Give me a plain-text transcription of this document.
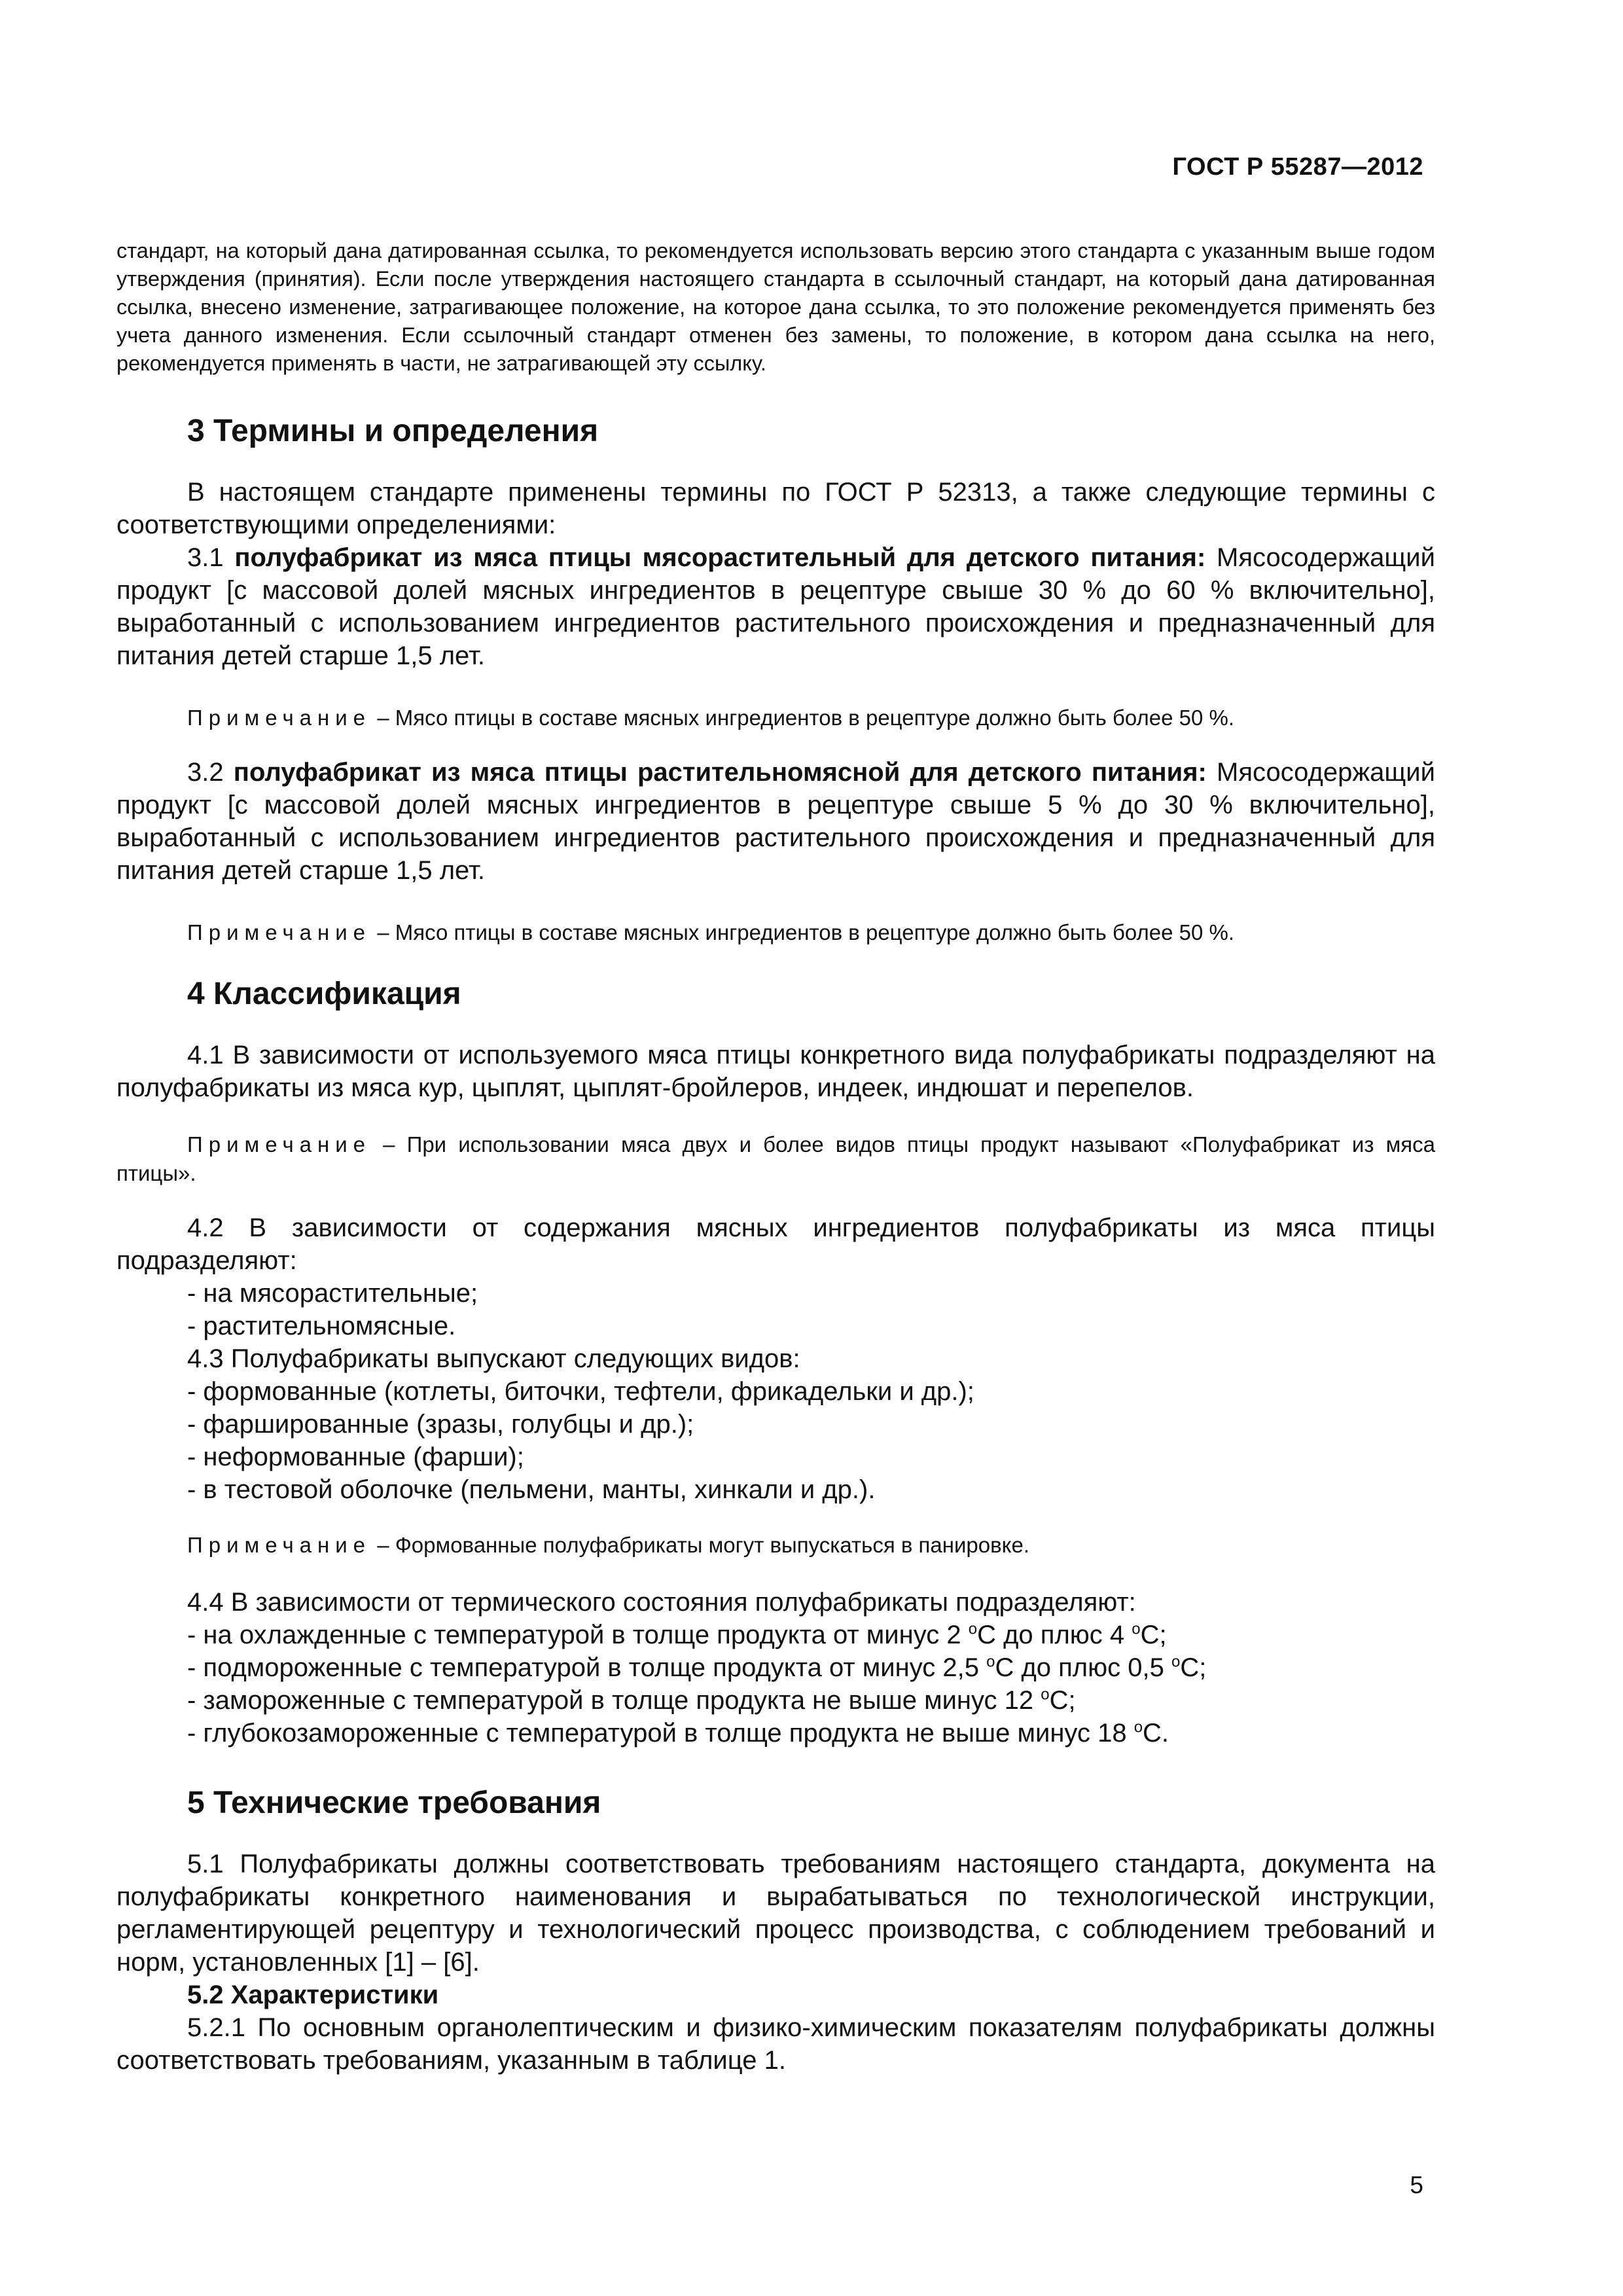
ГОСТ Р 55287—2012

стандарт, на который дана датированная ссылка, то рекомендуется использовать версию этого стандарта с указанным выше годом утверждения (принятия). Если после утверждения настоящего стандарта в ссылочный стандарт, на который дана датированная ссылка, внесено изменение, затрагивающее положение, на которое дана ссылка, то это положение рекомендуется применять без учета данного изменения. Если ссылочный стандарт отменен без замены, то положение, в котором дана ссылка на него, рекомендуется применять в части, не затрагивающей эту ссылку.

3 Термины и определения

В настоящем стандарте применены термины по ГОСТ Р 52313, а также следующие термины с соответствующими определениями:

3.1 полуфабрикат из мяса птицы мясорастительный для детского питания: Мясосодержащий продукт [с массовой долей мясных ингредиентов в рецептуре свыше 30 % до 60 % включительно], выработанный с использованием ингредиентов растительного происхождения и предназначенный для питания детей старше 1,5 лет.

Примечание – Мясо птицы в составе мясных ингредиентов в рецептуре должно быть более 50 %.

3.2 полуфабрикат из мяса птицы растительномясной для детского питания: Мясосодержащий продукт [с массовой долей мясных ингредиентов в рецептуре свыше 5 % до 30 % включительно], выработанный с использованием ингредиентов растительного происхождения и предназначенный для питания детей старше 1,5 лет.

Примечание – Мясо птицы в составе мясных ингредиентов в рецептуре должно быть более 50 %.

4 Классификация

4.1 В зависимости от используемого мяса птицы конкретного вида полуфабрикаты подразделяют на полуфабрикаты из мяса кур, цыплят, цыплят-бройлеров, индеек, индюшат и перепелов.

Примечание – При использовании мяса двух и более видов птицы продукт называют «Полуфабрикат из мяса птицы».

4.2 В зависимости от содержания мясных ингредиентов полуфабрикаты из мяса птицы подразделяют:

- на мясорастительные;

- растительномясные.

4.3 Полуфабрикаты выпускают следующих видов:

- формованные (котлеты, биточки, тефтели, фрикадельки и др.);

- фаршированные (зразы, голубцы и др.);

- неформованные (фарши);

- в тестовой оболочке (пельмени, манты, хинкали и др.).

Примечание – Формованные полуфабрикаты могут выпускаться в панировке.

4.4 В зависимости от термического состояния полуфабрикаты подразделяют:

- на охлажденные с температурой в толще продукта от минус 2 $^o$С до плюс 4 $^o$С;

- подмороженные с температурой в толще продукта от минус 2,5 $^o$С до плюс 0,5 $^o$С;

- замороженные с температурой в толще продукта не выше минус 12 $^o$С;

- глубокозамороженные с температурой в толще продукта не выше минус 18 $^o$С.

5 Технические требования

5.1 Полуфабрикаты должны соответствовать требованиям настоящего стандарта, документа на полуфабрикаты конкретного наименования и вырабатываться по технологической инструкции, регламентирующей рецептуру и технологический процесс производства, с соблюдением требований и норм, установленных [1] – [6].

5.2 Характеристики

5.2.1 По основным органолептическим и физико-химическим показателям полуфабрикаты должны соответствовать требованиям, указанным в таблице 1.

5
